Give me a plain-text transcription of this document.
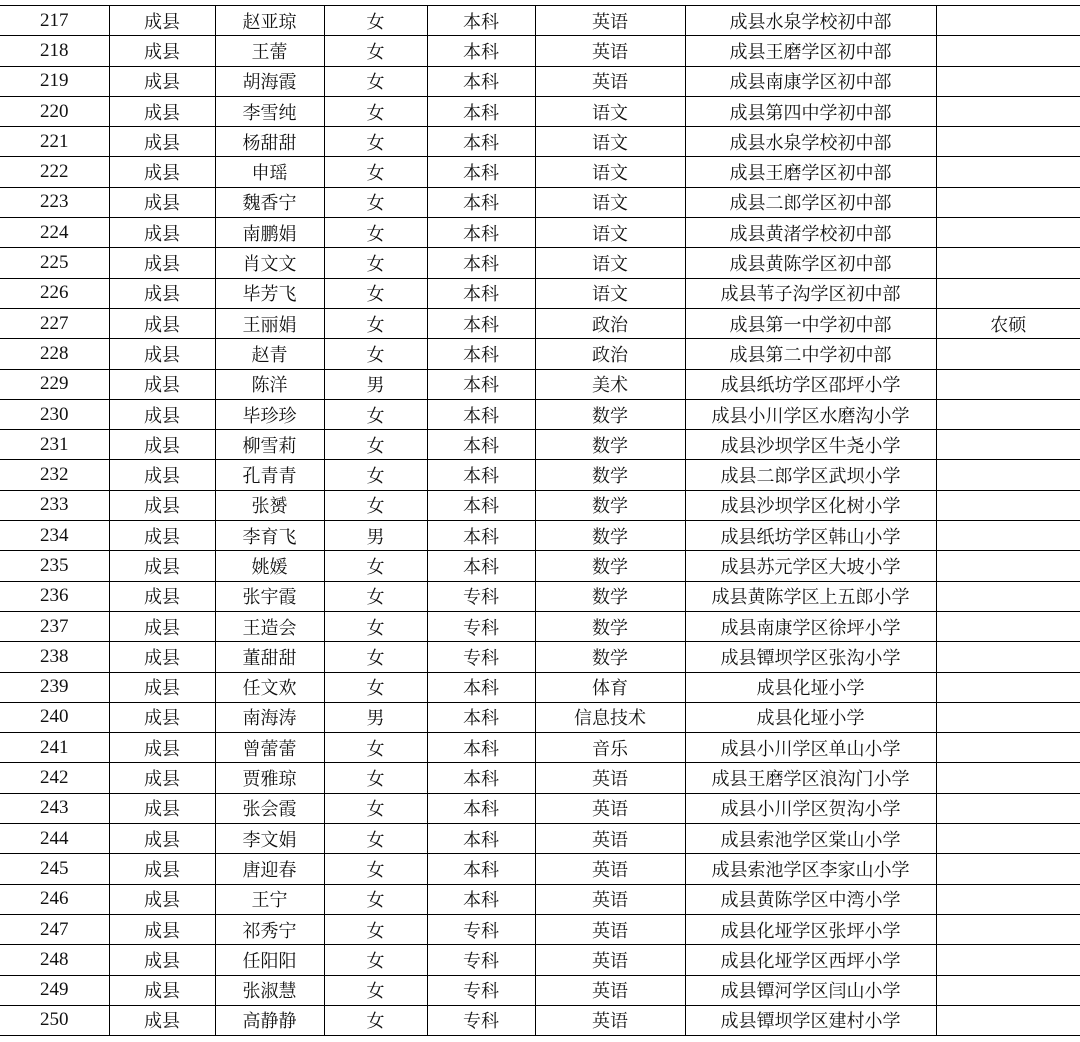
217	成县	赵亚琼	女	本科	英语	成县水泉学校初中部	
218	成县	王蕾	女	本科	英语	成县王磨学区初中部	
219	成县	胡海霞	女	本科	英语	成县南康学区初中部	
220	成县	李雪纯	女	本科	语文	成县第四中学初中部	
221	成县	杨甜甜	女	本科	语文	成县水泉学校初中部	
222	成县	申瑶	女	本科	语文	成县王磨学区初中部	
223	成县	魏香宁	女	本科	语文	成县二郎学区初中部	
224	成县	南鹏娟	女	本科	语文	成县黄渚学校初中部	
225	成县	肖文文	女	本科	语文	成县黄陈学区初中部	
226	成县	毕芳飞	女	本科	语文	成县苇子沟学区初中部	
227	成县	王丽娟	女	本科	政治	成县第一中学初中部	农硕
228	成县	赵青	女	本科	政治	成县第二中学初中部	
229	成县	陈洋	男	本科	美术	成县纸坊学区邵坪小学	
230	成县	毕珍珍	女	本科	数学	成县小川学区水磨沟小学	
231	成县	柳雪莉	女	本科	数学	成县沙坝学区牛尧小学	
232	成县	孔青青	女	本科	数学	成县二郎学区武坝小学	
233	成县	张赟	女	本科	数学	成县沙坝学区化树小学	
234	成县	李育飞	男	本科	数学	成县纸坊学区韩山小学	
235	成县	姚媛	女	本科	数学	成县苏元学区大坡小学	
236	成县	张宇霞	女	专科	数学	成县黄陈学区上五郎小学	
237	成县	王造会	女	专科	数学	成县南康学区徐坪小学	
238	成县	董甜甜	女	专科	数学	成县镡坝学区张沟小学	
239	成县	任文欢	女	本科	体育	成县化垭小学	
240	成县	南海涛	男	本科	信息技术	成县化垭小学	
241	成县	曾蕾蕾	女	本科	音乐	成县小川学区单山小学	
242	成县	贾雅琼	女	本科	英语	成县王磨学区浪沟门小学	
243	成县	张会霞	女	本科	英语	成县小川学区贺沟小学	
244	成县	李文娟	女	本科	英语	成县索池学区棠山小学	
245	成县	唐迎春	女	本科	英语	成县索池学区李家山小学	
246	成县	王宁	女	本科	英语	成县黄陈学区中湾小学	
247	成县	祁秀宁	女	专科	英语	成县化垭学区张坪小学	
248	成县	任阳阳	女	专科	英语	成县化垭学区西坪小学	
249	成县	张淑慧	女	专科	英语	成县镡河学区闫山小学	
250	成县	高静静	女	专科	英语	成县镡坝学区建村小学	
